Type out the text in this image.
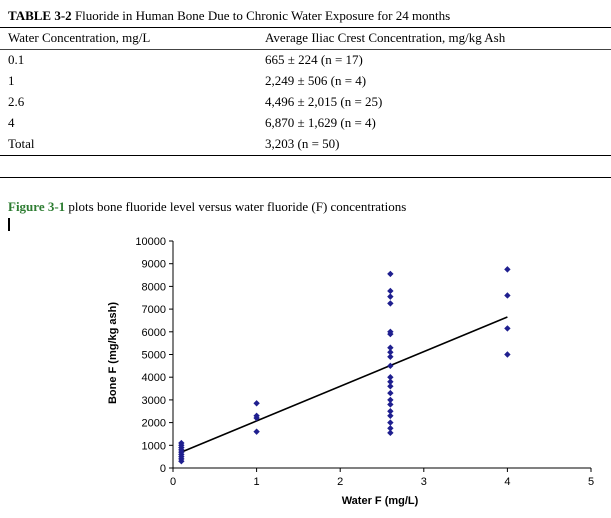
TABLE 3-2 Fluoride in Human Bone Due to Chronic Water Exposure for 24 months
Water Concentration, mg/L	Average Iliac Crest Concentration, mg/kg Ash
0.1	665 ± 224 (n = 17)
1	2,249 ± 506 (n = 4)
2.6	4,496 ± 2,015 (n = 25)
4	6,870 ± 1,629 (n = 4)
Total	3,203 (n = 50)
Figure 3-1 plots bone fluoride level versus water fluoride (F) concentrations
0
1000
2000
3000
4000
5000
6000
7000
8000
9000
10000
0	1	2	3	4	5
Bone F (mg/kg ash)
Water F (mg/L)
